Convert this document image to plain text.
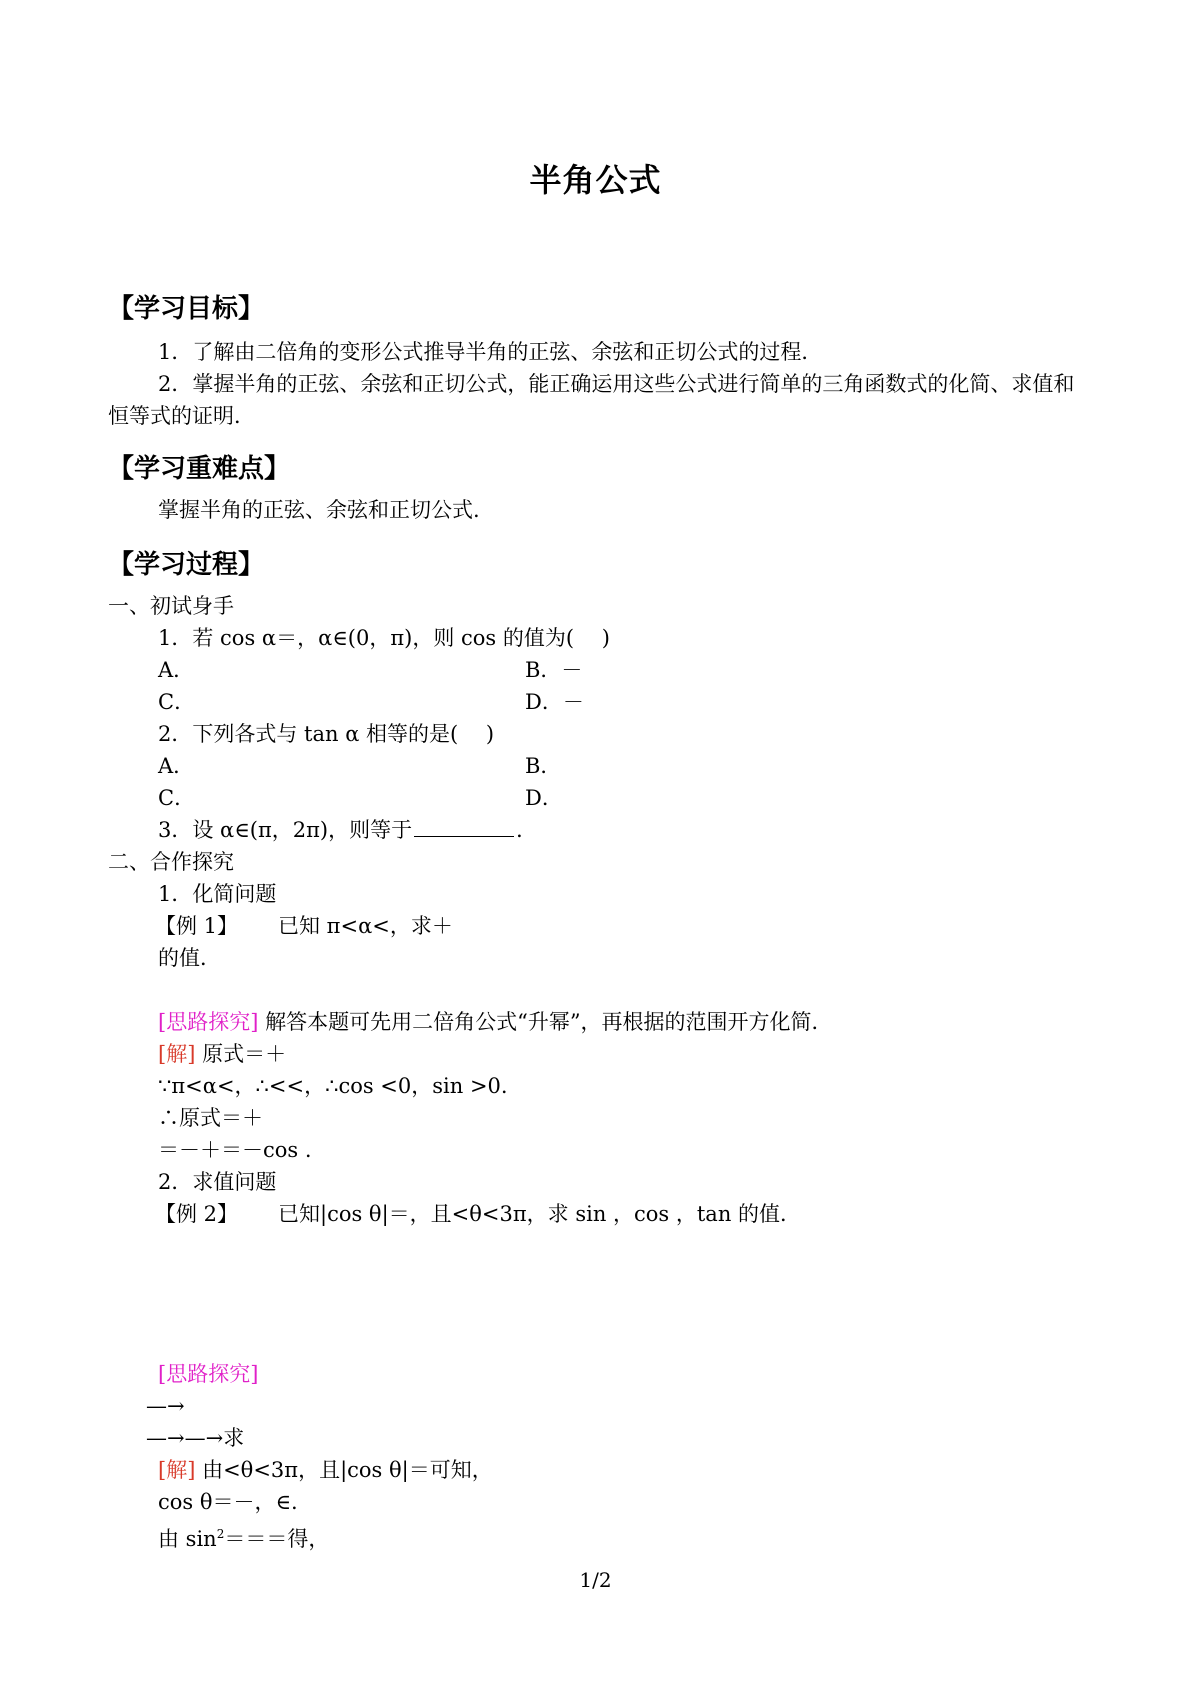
半角公式
【学习目标】
1．了解由二倍角的变形公式推导半角的正弦、余弦和正切公式的过程．
2．掌握半角的正弦、余弦和正切公式，能正确运用这些公式进行简单的三角函数式的化简、求值和恒等式的证明．
【学习重难点】
掌握半角的正弦、余弦和正切公式.
【学习过程】
一、初试身手
1．若 cos α＝，α∈(0，π)，则 cos 的值为(　 )
A．	B．－
C．	D．－
2．下列各式与 tan α 相等的是(　 )
A．	B．
C．	D．
3．设 α∈(π，2π)，则等于	．
二、合作探究
1．化简问题
【例 1】 已知 π<α<，求＋
的值．
[思路探究] 解答本题可先用二倍角公式“升幂”，再根据的范围开方化简．
[解] 原式＝＋
∵π<α<，∴<<，∴cos <0，sin >0.
∴原式＝＋
＝－＋＝－cos .
2．求值问题
【例 2】 已知|cos θ|＝，且<θ<3π，求 sin ，cos ，tan 的值．
[思路探究]
—→
—→—→求
[解] 由<θ<3π，且|cos θ|＝可知，
cos θ＝－，∈.
由 $\sin^2===$得，
1/2
